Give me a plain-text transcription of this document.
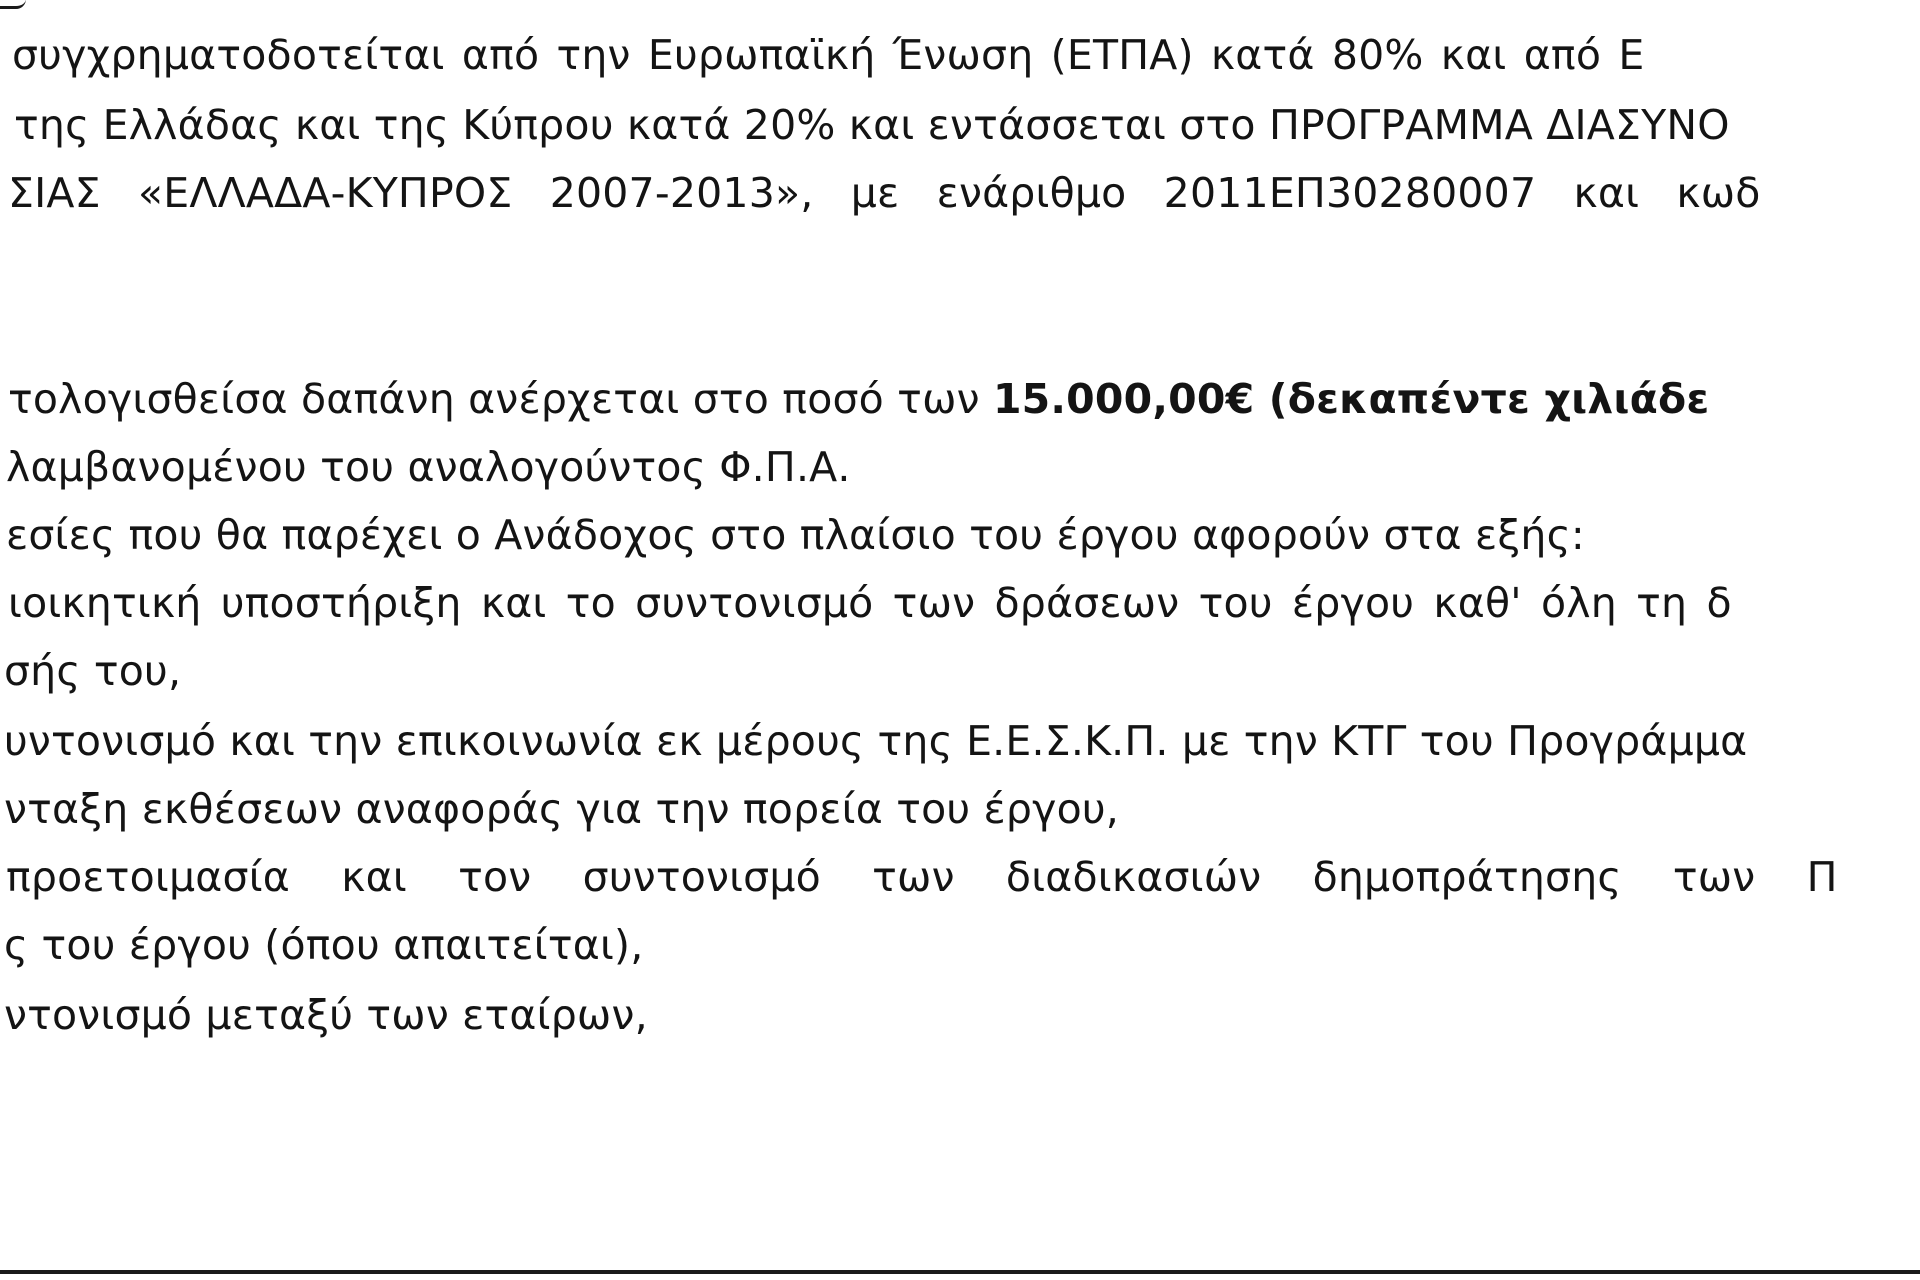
συγχρηματοδοτείται από την Ευρωπαϊκή Ένωση (ΕΤΠΑ) κατά 80% και από Ε
της Ελλάδας και της Κύπρου κατά 20% και εντάσσεται στο ΠΡΟΓΡΑΜΜΑ ΔΙΑΣΥΝΟ
ΣΙΑΣ «ΕΛΛΑΔΑ-ΚΥΠΡΟΣ 2007-2013», με ενάριθμο 2011ΕΠ30280007 και κωδ
τολογισθείσα δαπάνη ανέρχεται στο ποσό των 15.000,00€ (δεκαπέντε χιλιάδε
λαμβανομένου του αναλογούντος Φ.Π.Α.
εσίες που θα παρέχει ο Ανάδοχος στο πλαίσιο του έργου αφορούν στα εξής:
ιοικητική υποστήριξη και το συντονισμό των δράσεων του έργου καθ' όλη τη δ
σής του,
υντονισμό και την επικοινωνία εκ μέρους της Ε.Ε.Σ.Κ.Π. με την ΚΤΓ του Προγράμμα
νταξη εκθέσεων αναφοράς για την πορεία του έργου,
προετοιμασία και τον συντονισμό των διαδικασιών δημοπράτησης των Π
ς του έργου (όπου απαιτείται),
ντονισμό μεταξύ των εταίρων,
